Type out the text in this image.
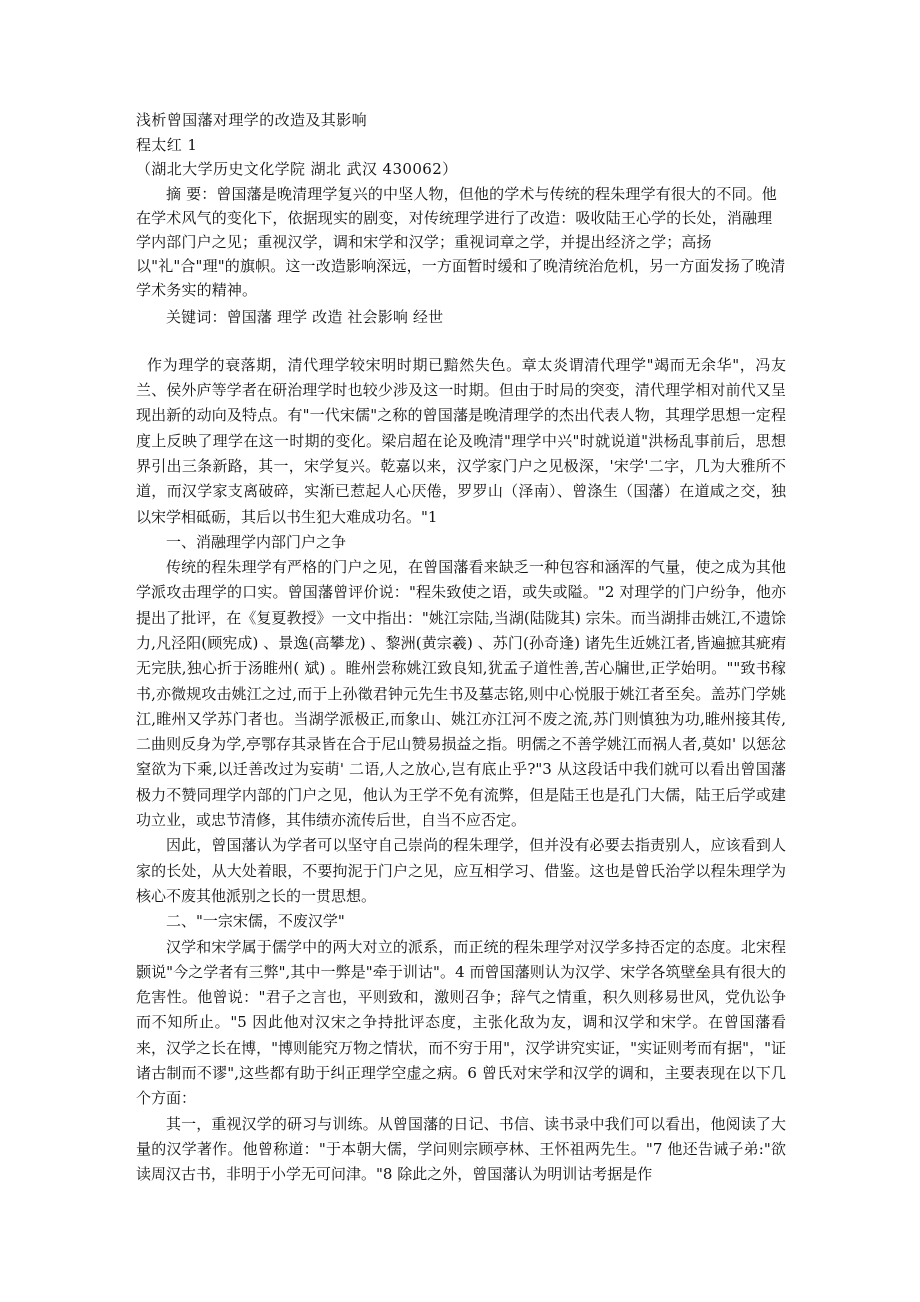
浅析曾国藩对理学的改造及其影响

程太红 1

（湖北大学历史文化学院 湖北 武汉 430062）

摘 要：曾国藩是晚清理学复兴的中坚人物，但他的学术与传统的程朱理学有很大的不同。他在学术风气的变化下，依据现实的剧变，对传统理学进行了改造：吸收陆王心学的长处，消融理学内部门户之见；重视汉学，调和宋学和汉学；重视词章之学，并提出经济之学；高扬以"礼"合"理"的旗帜。这一改造影响深远，一方面暂时缓和了晚清统治危机，另一方面发扬了晚清学术务实的精神。

关键词：曾国藩 理学 改造 社会影响 经世

作为理学的衰落期，清代理学较宋明时期已黯然失色。章太炎谓清代理学"竭而无余华"，冯友兰、侯外庐等学者在研治理学时也较少涉及这一时期。但由于时局的突变，清代理学相对前代又呈现出新的动向及特点。有"一代宋儒"之称的曾国藩是晚清理学的杰出代表人物，其理学思想一定程度上反映了理学在这一时期的变化。梁启超在论及晚清"理学中兴"时就说道"洪杨乱事前后，思想界引出三条新路，其一，宋学复兴。乾嘉以来，汉学家门户之见极深，'宋学'二字，几为大雅所不道，而汉学家支离破碎，实渐已惹起人心厌倦，罗罗山（泽南）、曾涤生（国藩）在道咸之交，独以宋学相砥砺，其后以书生犯大难成功名。"1

一、消融理学内部门户之争

传统的程朱理学有严格的门户之见，在曾国藩看来缺乏一种包容和涵浑的气量，使之成为其他学派攻击理学的口实。曾国藩曾评价说："程朱致使之语，或失或隘。"2 对理学的门户纷争，他亦提出了批评，在《复夏教授》一文中指出："姚江宗陆,当湖(陆陇其) 宗朱。而当湖排击姚江,不遗馀力,凡泾阳(顾宪成) 、景逸(高攀龙) 、黎洲(黄宗羲) 、苏门(孙奇逢) 诸先生近姚江者,皆遍摭其疵痏无完肤,独心折于汤睢州( 斌) 。睢州尝称姚江致良知,犹孟子道性善,苦心牖世,正学始明。""致书稼书,亦微规攻击姚江之过,而于上孙徵君钟元先生书及墓志铭,则中心悦服于姚江者至矣。盖苏门学姚江,睢州又学苏门者也。当湖学派极正,而象山、姚江亦江河不废之流,苏门则慎独为功,睢州接其传,二曲则反身为学,亭鄂存其录皆在合于尼山赞易损益之指。明儒之不善学姚江而祸人者,莫如' 以惩忿窒欲为下乘,以迁善改过为妄萌' 二语,人之放心,岂有底止乎?"3 从这段话中我们就可以看出曾国藩极力不赞同理学内部的门户之见，他认为王学不免有流弊，但是陆王也是孔门大儒，陆王后学或建功立业，或忠节清修，其伟绩亦流传后世，自当不应否定。

因此，曾国藩认为学者可以坚守自己崇尚的程朱理学，但并没有必要去指责别人，应该看到人家的长处，从大处着眼，不要拘泥于门户之见，应互相学习、借鉴。这也是曾氏治学以程朱理学为核心不废其他派别之长的一贯思想。

二、"一宗宋儒，不废汉学"

汉学和宋学属于儒学中的两大对立的派系，而正统的程朱理学对汉学多持否定的态度。北宋程颢说"今之学者有三弊",其中一弊是"牵于训诂"。4 而曾国藩则认为汉学、宋学各筑壁垒具有很大的危害性。他曾说："君子之言也，平则致和，激则召争；辞气之情重，积久则移易世风，党仇讼争而不知所止。"5 因此他对汉宋之争持批评态度，主张化敌为友，调和汉学和宋学。在曾国藩看来，汉学之长在博，"博则能究万物之情状，而不穷于用"，汉学讲究实证，"实证则考而有据"，"证诸古制而不谬",这些都有助于纠正理学空虚之病。6 曾氏对宋学和汉学的调和，主要表现在以下几个方面：

其一，重视汉学的研习与训练。从曾国藩的日记、书信、读书录中我们可以看出，他阅读了大量的汉学著作。他曾称道："于本朝大儒，学问则宗顾亭林、王怀祖两先生。"7 他还告诫子弟:"欲读周汉古书，非明于小学无可问津。"8 除此之外，曾国藩认为明训诂考据是作
